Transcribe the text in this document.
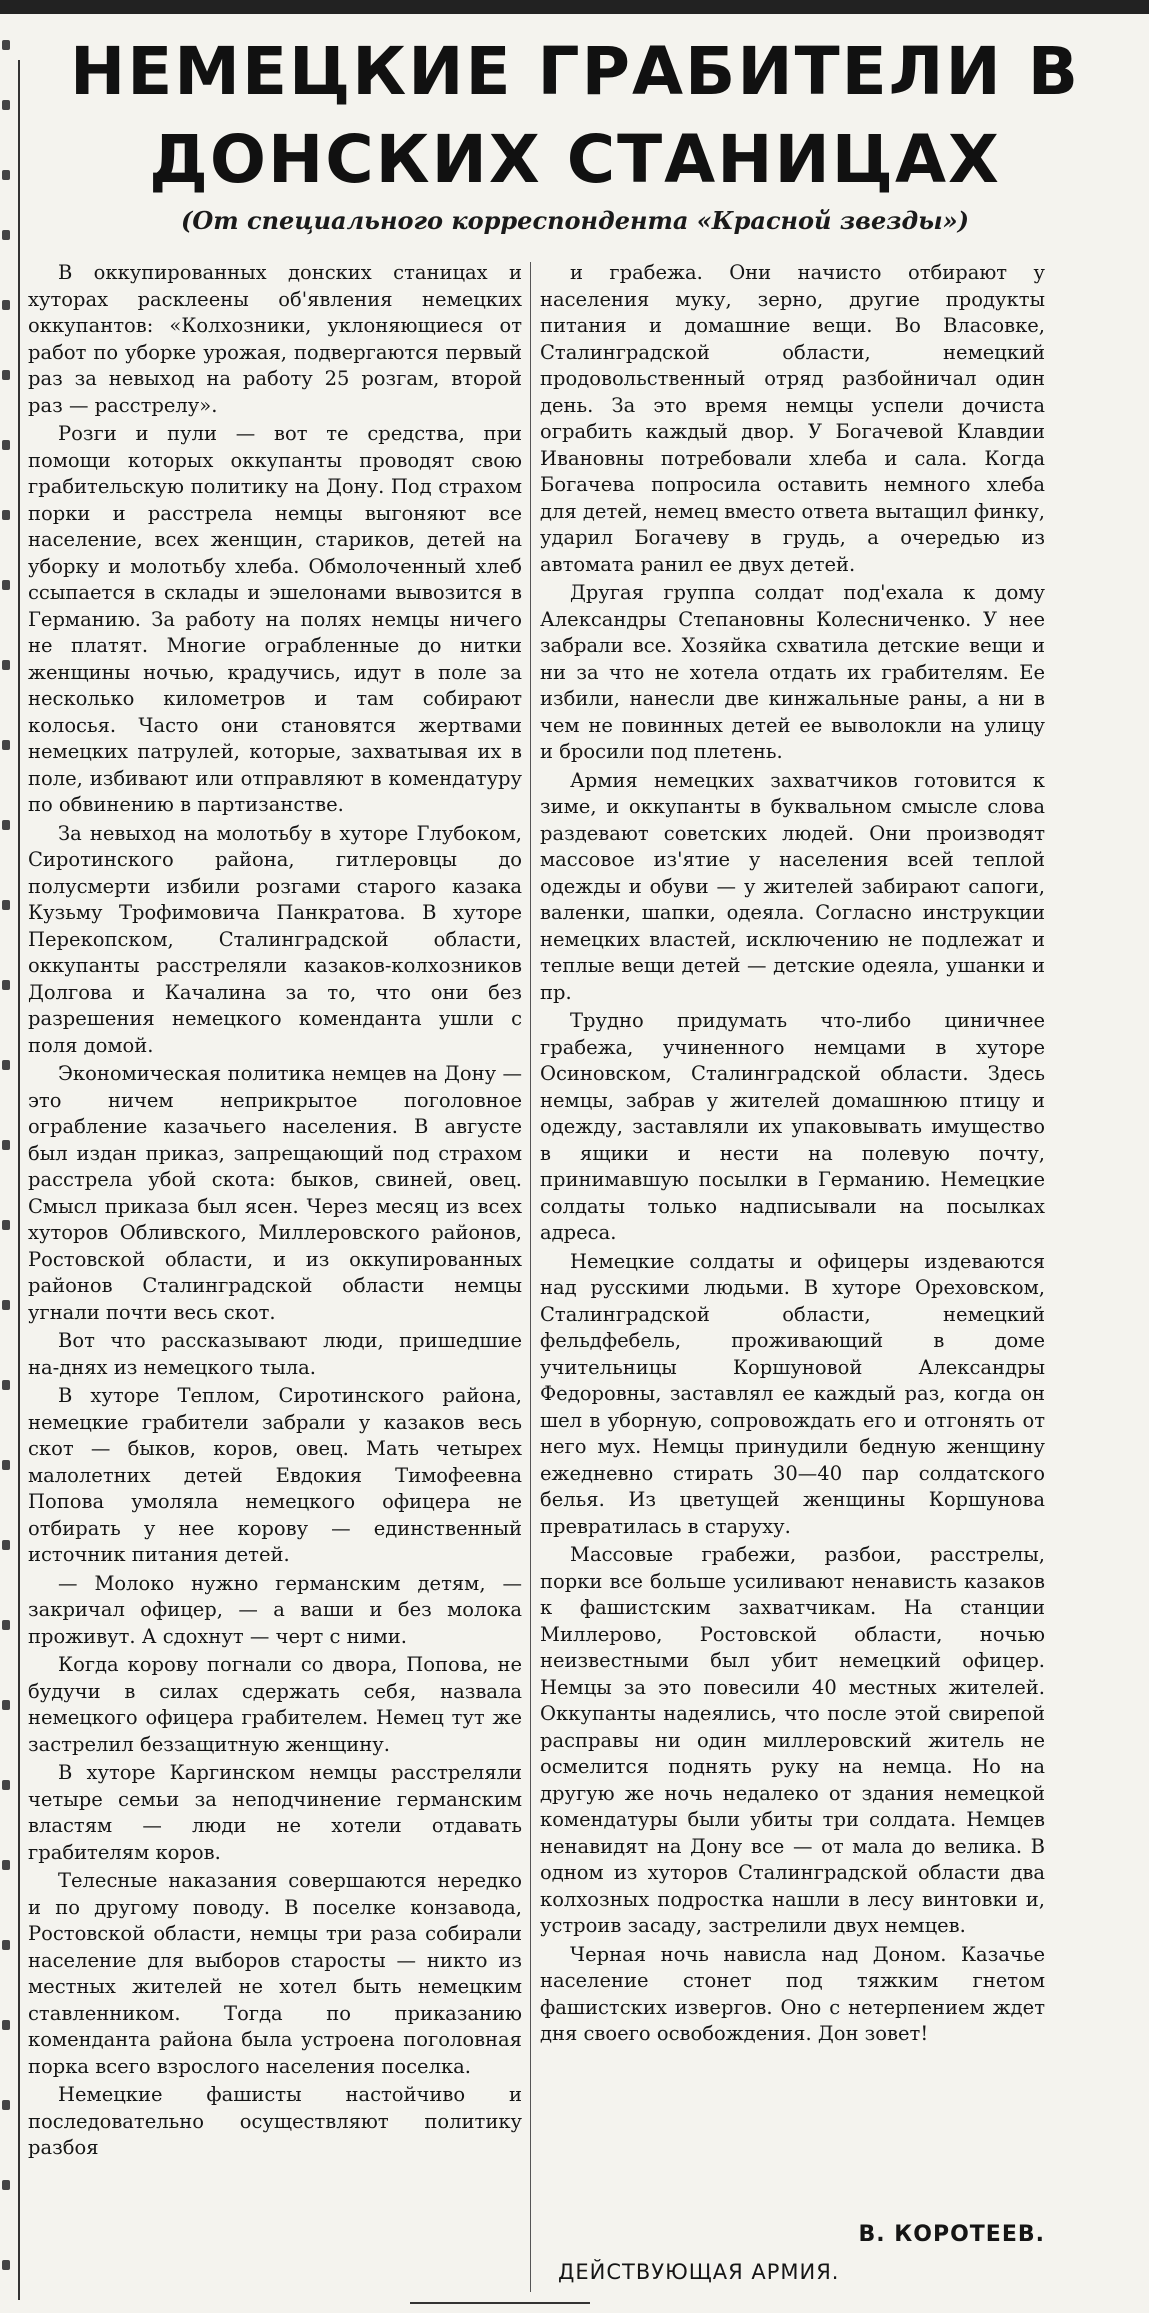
НЕМЕЦКИЕ ГРАБИТЕЛИ В
ДОНСКИХ СТАНИЦАХ
(От специального корреспондента «Красной звезды»)

В оккупированных донских станицах и хуторах расклеены об'явления немецких оккупантов: «Колхозники, уклоняющиеся от работ по уборке урожая, подвергаются первый раз за невыход на работу 25 розгам, второй раз — расстрелу».

Розги и пули — вот те средства, при помощи которых оккупанты проводят свою грабительскую политику на Дону. Под страхом порки и расстрела немцы выгоняют все население, всех женщин, стариков, детей на уборку и молотьбу хлеба. Обмолоченный хлеб ссыпается в склады и эшелонами вывозится в Германию. За работу на полях немцы ничего не платят. Многие ограбленные до нитки женщины ночью, крадучись, идут в поле за несколько километров и там собирают колосья. Часто они становятся жертвами немецких патрулей, которые, захватывая их в поле, избивают или отправляют в комендатуру по обвинению в партизанстве.

За невыход на молотьбу в хуторе Глубоком, Сиротинского района, гитлеровцы до полусмерти избили розгами старого казака Кузьму Трофимовича Панкратова. В хуторе Перекопском, Сталинградской области, оккупанты расстреляли казаков-колхозников Долгова и Качалина за то, что они без разрешения немецкого коменданта ушли с поля домой.

Экономическая политика немцев на Дону — это ничем неприкрытое поголовное ограбление казачьего населения. В августе был издан приказ, запрещающий под страхом расстрела убой скота: быков, свиней, овец. Смысл приказа был ясен. Через месяц из всех хуторов Обливского, Миллеровского районов, Ростовской области, и из оккупированных районов Сталинградской области немцы угнали почти весь скот.

Вот что рассказывают люди, пришедшие на-днях из немецкого тыла.

В хуторе Теплом, Сиротинского района, немецкие грабители забрали у казаков весь скот — быков, коров, овец. Мать четырех малолетних детей Евдокия Тимофеевна Попова умоляла немецкого офицера не отбирать у нее корову — единственный источник питания детей.

— Молоко нужно германским детям, — закричал офицер, — а ваши и без молока проживут. А сдохнут — черт с ними.

Когда корову погнали со двора, Попова, не будучи в силах сдержать себя, назвала немецкого офицера грабителем. Немец тут же застрелил беззащитную женщину.

В хуторе Каргинском немцы расстреляли четыре семьи за неподчинение германским властям — люди не хотели отдавать грабителям коров.

Телесные наказания совершаются нередко и по другому поводу. В поселке конзавода, Ростовской области, немцы три раза собирали население для выборов старосты — никто из местных жителей не хотел быть немецким ставленником. Тогда по приказанию коменданта района была устроена поголовная порка всего взрослого населения поселка.

Немецкие фашисты настойчиво и последовательно осуществляют политику разбоя

и грабежа. Они начисто отбирают у населения муку, зерно, другие продукты питания и домашние вещи. Во Власовке, Сталинградской области, немецкий продовольственный отряд разбойничал один день. За это время немцы успели дочиста ограбить каждый двор. У Богачевой Клавдии Ивановны потребовали хлеба и сала. Когда Богачева попросила оставить немного хлеба для детей, немец вместо ответа вытащил финку, ударил Богачеву в грудь, а очередью из автомата ранил ее двух детей.

Другая группа солдат под'ехала к дому Александры Степановны Колесниченко. У нее забрали все. Хозяйка схватила детские вещи и ни за что не хотела отдать их грабителям. Ее избили, нанесли две кинжальные раны, а ни в чем не повинных детей ее выволокли на улицу и бросили под плетень.

Армия немецких захватчиков готовится к зиме, и оккупанты в буквальном смысле слова раздевают советских людей. Они производят массовое из'ятие у населения всей теплой одежды и обуви — у жителей забирают сапоги, валенки, шапки, одеяла. Согласно инструкции немецких властей, исключению не подлежат и теплые вещи детей — детские одеяла, ушанки и пр.

Трудно придумать что-либо циничнее грабежа, учиненного немцами в хуторе Осиновском, Сталинградской области. Здесь немцы, забрав у жителей домашнюю птицу и одежду, заставляли их упаковывать имущество в ящики и нести на полевую почту, принимавшую посылки в Германию. Немецкие солдаты только надписывали на посылках адреса.

Немецкие солдаты и офицеры издеваются над русскими людьми. В хуторе Ореховском, Сталинградской области, немецкий фельдфебель, проживающий в доме учительницы Коршуновой Александры Федоровны, заставлял ее каждый раз, когда он шел в уборную, сопровождать его и отгонять от него мух. Немцы принудили бедную женщину ежедневно стирать 30—40 пар солдатского белья. Из цветущей женщины Коршунова превратилась в старуху.

Массовые грабежи, разбои, расстрелы, порки все больше усиливают ненависть казаков к фашистским захватчикам. На станции Миллерово, Ростовской области, ночью неизвестными был убит немецкий офицер. Немцы за это повесили 40 местных жителей. Оккупанты надеялись, что после этой свирепой расправы ни один миллеровский житель не осмелится поднять руку на немца. Но на другую же ночь недалеко от здания немецкой комендатуры были убиты три солдата. Немцев ненавидят на Дону все — от мала до велика. В одном из хуторов Сталинградской области два колхозных подростка нашли в лесу винтовки и, устроив засаду, застрелили двух немцев.

Черная ночь нависла над Доном. Казачье население стонет под тяжким гнетом фашистских извергов. Оно с нетерпением ждет дня своего освобождения. Дон зовет!

В. КОРОТЕЕВ.
ДЕЙСТВУЮЩАЯ АРМИЯ.
